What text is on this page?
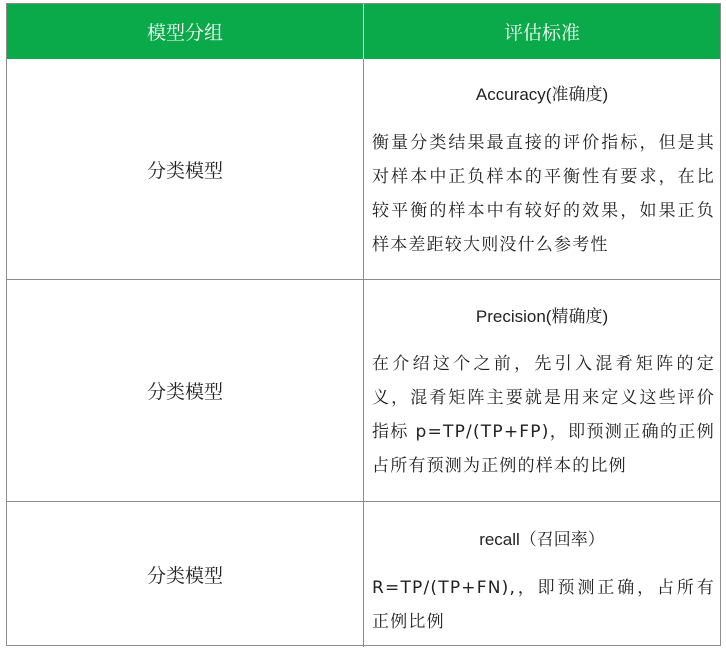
模型分组	评估标准
分类模型
Accuracy(准确度)
衡量分类结果最直接的评价指标，但是其对样本中正负样本的平衡性有要求，在比较平衡的样本中有较好的效果，如果正负样本差距较大则没什么参考性
分类模型
Precision(精确度)
在介绍这个之前，先引入混肴矩阵的定义，混肴矩阵主要就是用来定义这些评价指标 p=TP/(TP+FP)，即预测正确的正例占所有预测为正例的样本的比例
分类模型
recall（召回率）
R=TP/(TP+FN),，即预测正确，占所有正例比例
